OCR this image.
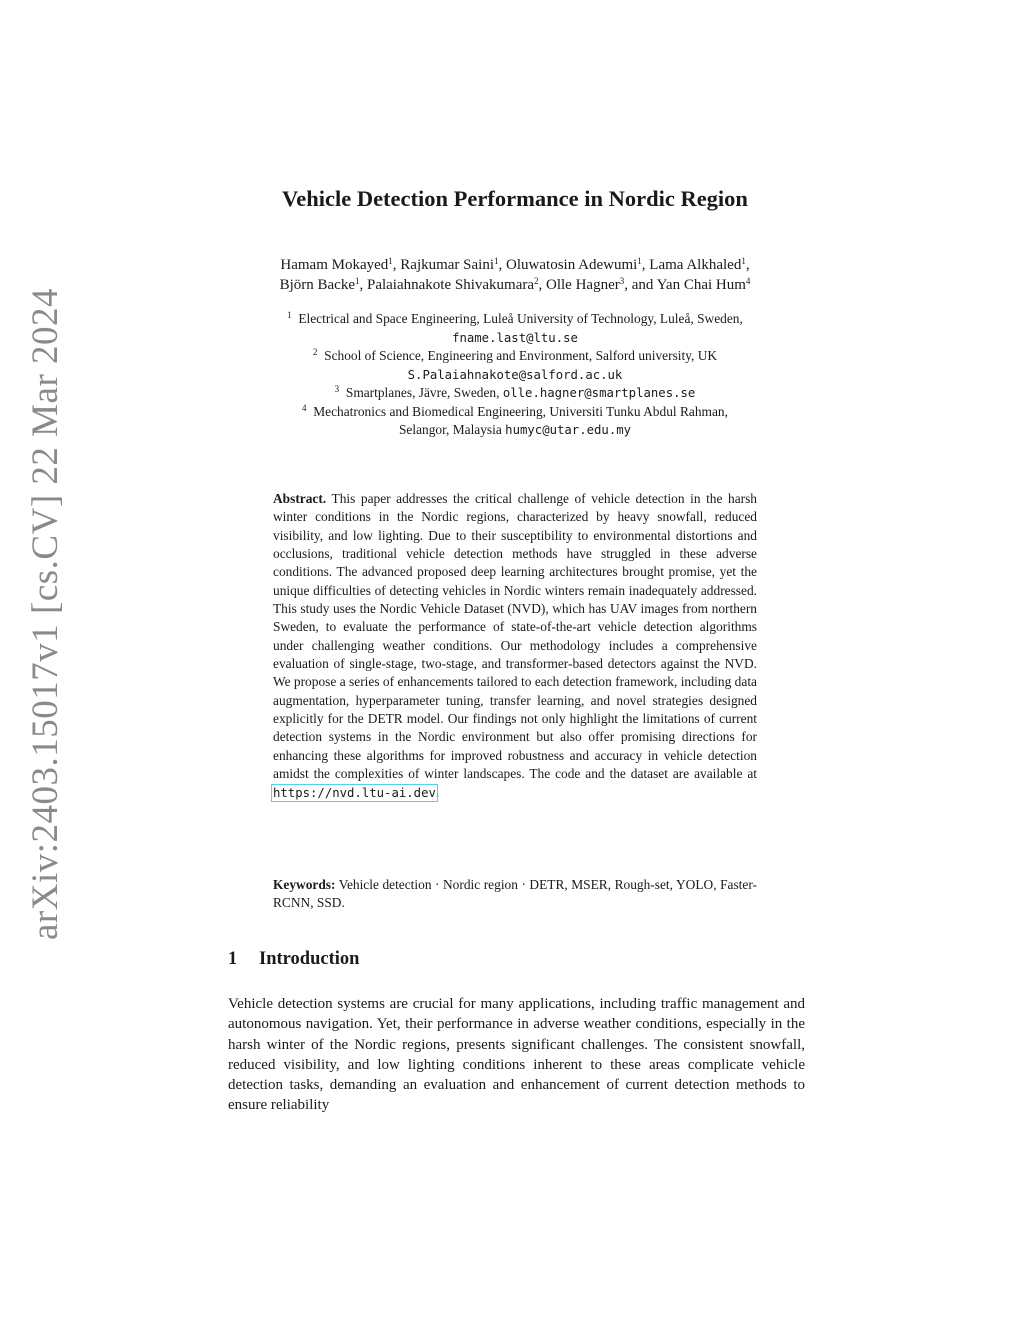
arXiv:2403.15017v1 [cs.CV] 22 Mar 2024
Vehicle Detection Performance in Nordic Region
Hamam Mokayed$^1$, Rajkumar Saini$^1$, Oluwatosin Adewumi$^1$, Lama Alkhaled$^1$,
Björn Backe$^1$, Palaiahnakote Shivakumara$^2$, Olle Hagner$^3$, and Yan Chai Hum$^4$
$^1$ Electrical and Space Engineering, Luleå University of Technology, Luleå, Sweden,
fname.last@ltu.se
$^2$ School of Science, Engineering and Environment, Salford university, UK
S.Palaiahnakote@salford.ac.uk
$^3$ Smartplanes, Jävre, Sweden, olle.hagner@smartplanes.se
$^4$ Mechatronics and Biomedical Engineering, Universiti Tunku Abdul Rahman,
Selangor, Malaysia humyc@utar.edu.my
Abstract. This paper addresses the critical challenge of vehicle detection in the harsh winter conditions in the Nordic regions, characterized by heavy snowfall, reduced visibility, and low lighting. Due to their susceptibility to environmental distortions and occlusions, traditional vehicle detection methods have struggled in these adverse conditions. The advanced proposed deep learning architectures brought promise, yet the unique difficulties of detecting vehicles in Nordic winters remain inadequately addressed. This study uses the Nordic Vehicle Dataset (NVD), which has UAV images from northern Sweden, to evaluate the performance of state-of-the-art vehicle detection algorithms under challenging weather conditions. Our methodology includes a comprehensive evaluation of single-stage, two-stage, and transformer-based detectors against the NVD. We propose a series of enhancements tailored to each detection framework, including data augmentation, hyperparameter tuning, transfer learning, and novel strategies designed explicitly for the DETR model. Our findings not only highlight the limitations of current detection systems in the Nordic environment but also offer promising directions for enhancing these algorithms for improved robustness and accuracy in vehicle detection amidst the complexities of winter landscapes. The code and the dataset are available at https://nvd.ltu-ai.dev.
Keywords: Vehicle detection · Nordic region · DETR, MSER, Rough-set, YOLO, Faster-RCNN, SSD.
1 Introduction
Vehicle detection systems are crucial for many applications, including traffic management and autonomous navigation. Yet, their performance in adverse weather conditions, especially in the harsh winter of the Nordic regions, presents significant challenges. The consistent snowfall, reduced visibility, and low lighting conditions inherent to these areas complicate vehicle detection tasks, demanding an evaluation and enhancement of current detection methods to ensure reliability
